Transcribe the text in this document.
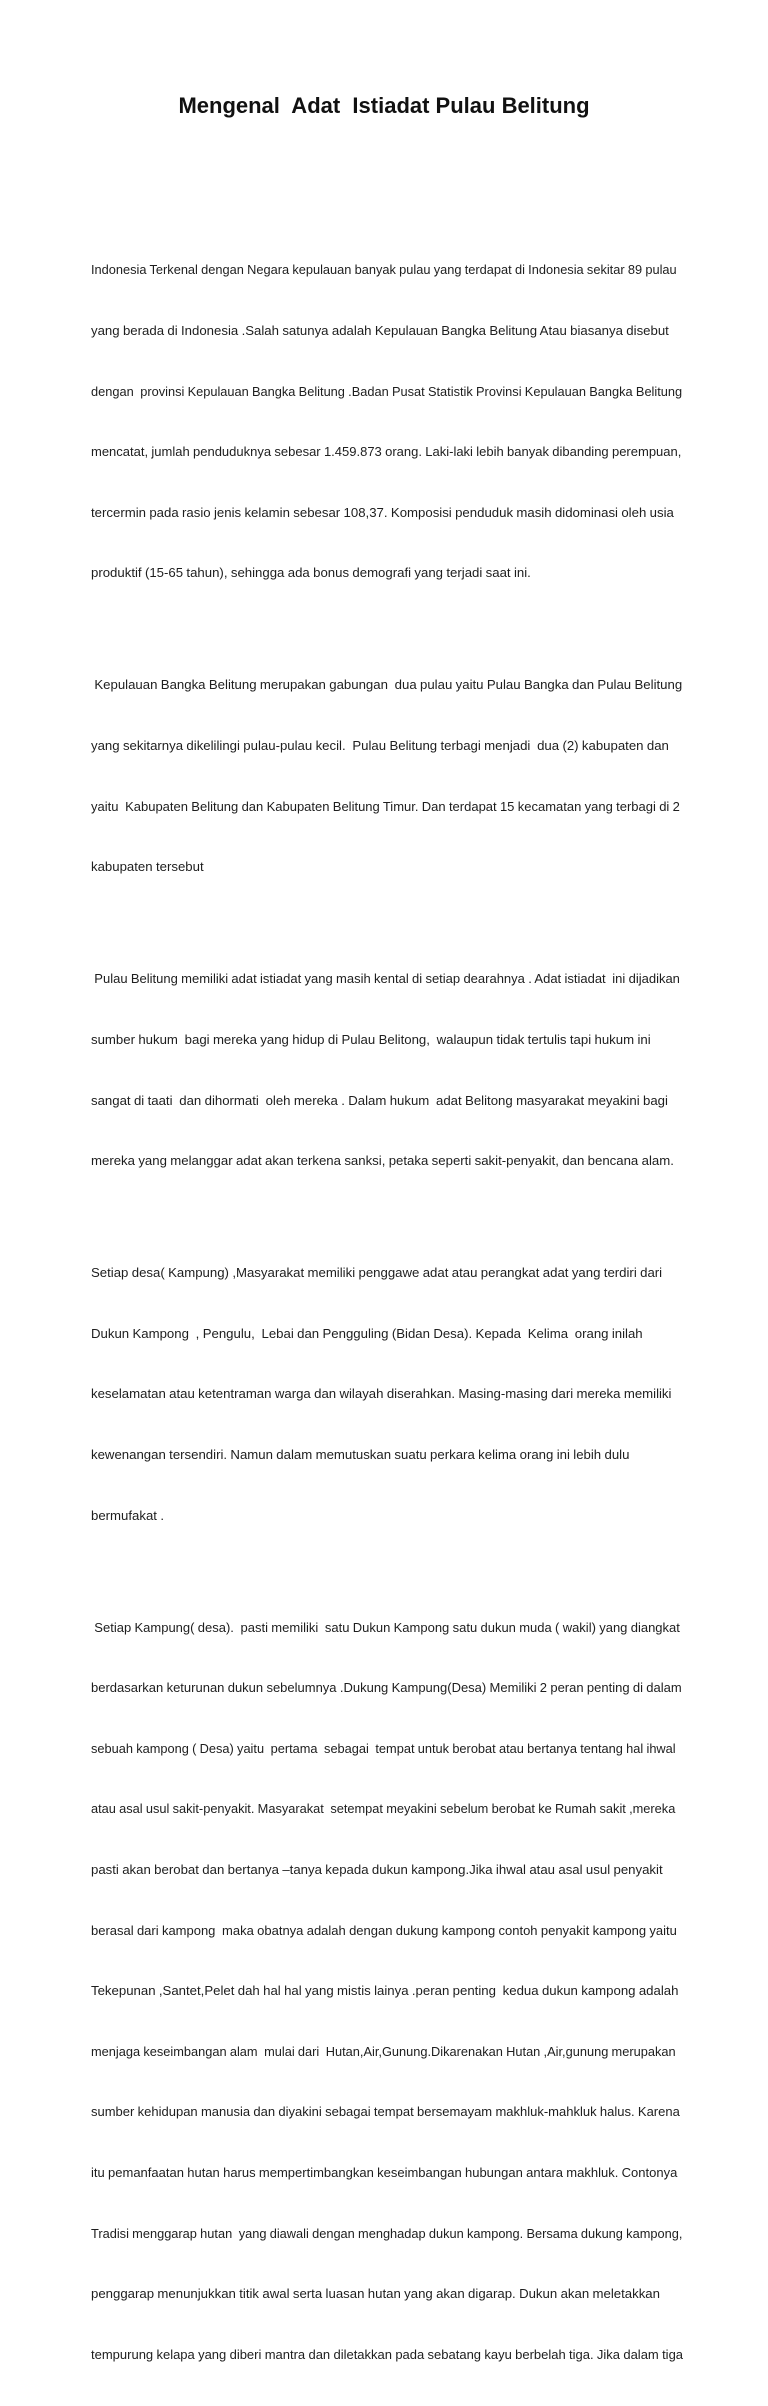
Mengenal  Adat  Istiadat Pulau Belitung

Indonesia Terkenal dengan Negara kepulauan banyak pulau yang terdapat di Indonesia sekitar 89 pulau

yang berada di Indonesia .Salah satunya adalah Kepulauan Bangka Belitung Atau biasanya disebut

dengan  provinsi Kepulauan Bangka Belitung .Badan Pusat Statistik Provinsi Kepulauan Bangka Belitung

mencatat, jumlah penduduknya sebesar 1.459.873 orang. Laki-laki lebih banyak dibanding perempuan,

tercermin pada rasio jenis kelamin sebesar 108,37. Komposisi penduduk masih didominasi oleh usia

produktif (15-65 tahun), sehingga ada bonus demografi yang terjadi saat ini.

Kepulauan Bangka Belitung merupakan gabungan  dua pulau yaitu Pulau Bangka dan Pulau Belitung

yang sekitarnya dikelilingi pulau-pulau kecil.  Pulau Belitung terbagi menjadi  dua (2) kabupaten dan

yaitu  Kabupaten Belitung dan Kabupaten Belitung Timur. Dan terdapat 15 kecamatan yang terbagi di 2

kabupaten tersebut

Pulau Belitung memiliki adat istiadat yang masih kental di setiap dearahnya . Adat istiadat  ini dijadikan

sumber hukum  bagi mereka yang hidup di Pulau Belitong,  walaupun tidak tertulis tapi hukum ini

sangat di taati  dan dihormati  oleh mereka . Dalam hukum  adat Belitong masyarakat meyakini bagi

mereka yang melanggar adat akan terkena sanksi, petaka seperti sakit-penyakit, dan bencana alam.

Setiap desa( Kampung) ,Masyarakat memiliki penggawe adat atau perangkat adat yang terdiri dari

Dukun Kampong  , Pengulu,  Lebai dan Pengguling (Bidan Desa). Kepada  Kelima  orang inilah

keselamatan atau ketentraman warga dan wilayah diserahkan. Masing-masing dari mereka memiliki

kewenangan tersendiri. Namun dalam memutuskan suatu perkara kelima orang ini lebih dulu

bermufakat .

Setiap Kampung( desa).  pasti memiliki  satu Dukun Kampong satu dukun muda ( wakil) yang diangkat

berdasarkan keturunan dukun sebelumnya .Dukung Kampung(Desa) Memiliki 2 peran penting di dalam

sebuah kampong ( Desa) yaitu  pertama  sebagai  tempat untuk berobat atau bertanya tentang hal ihwal

atau asal usul sakit-penyakit. Masyarakat  setempat meyakini sebelum berobat ke Rumah sakit ,mereka

pasti akan berobat dan bertanya –tanya kepada dukun kampong.Jika ihwal atau asal usul penyakit

berasal dari kampong  maka obatnya adalah dengan dukung kampong contoh penyakit kampong yaitu

Tekepunan ,Santet,Pelet dah hal hal yang mistis lainya .peran penting  kedua dukun kampong adalah

menjaga keseimbangan alam  mulai dari  Hutan,Air,Gunung.Dikarenakan Hutan ,Air,gunung merupakan

sumber kehidupan manusia dan diyakini sebagai tempat bersemayam makhluk-mahkluk halus. Karena

itu pemanfaatan hutan harus mempertimbangkan keseimbangan hubungan antara makhluk. Contonya

Tradisi menggarap hutan  yang diawali dengan menghadap dukun kampong. Bersama dukung kampong,

penggarap menunjukkan titik awal serta luasan hutan yang akan digarap. Dukun akan meletakkan

tempurung kelapa yang diberi mantra dan diletakkan pada sebatang kayu berbelah tiga. Jika dalam tiga
